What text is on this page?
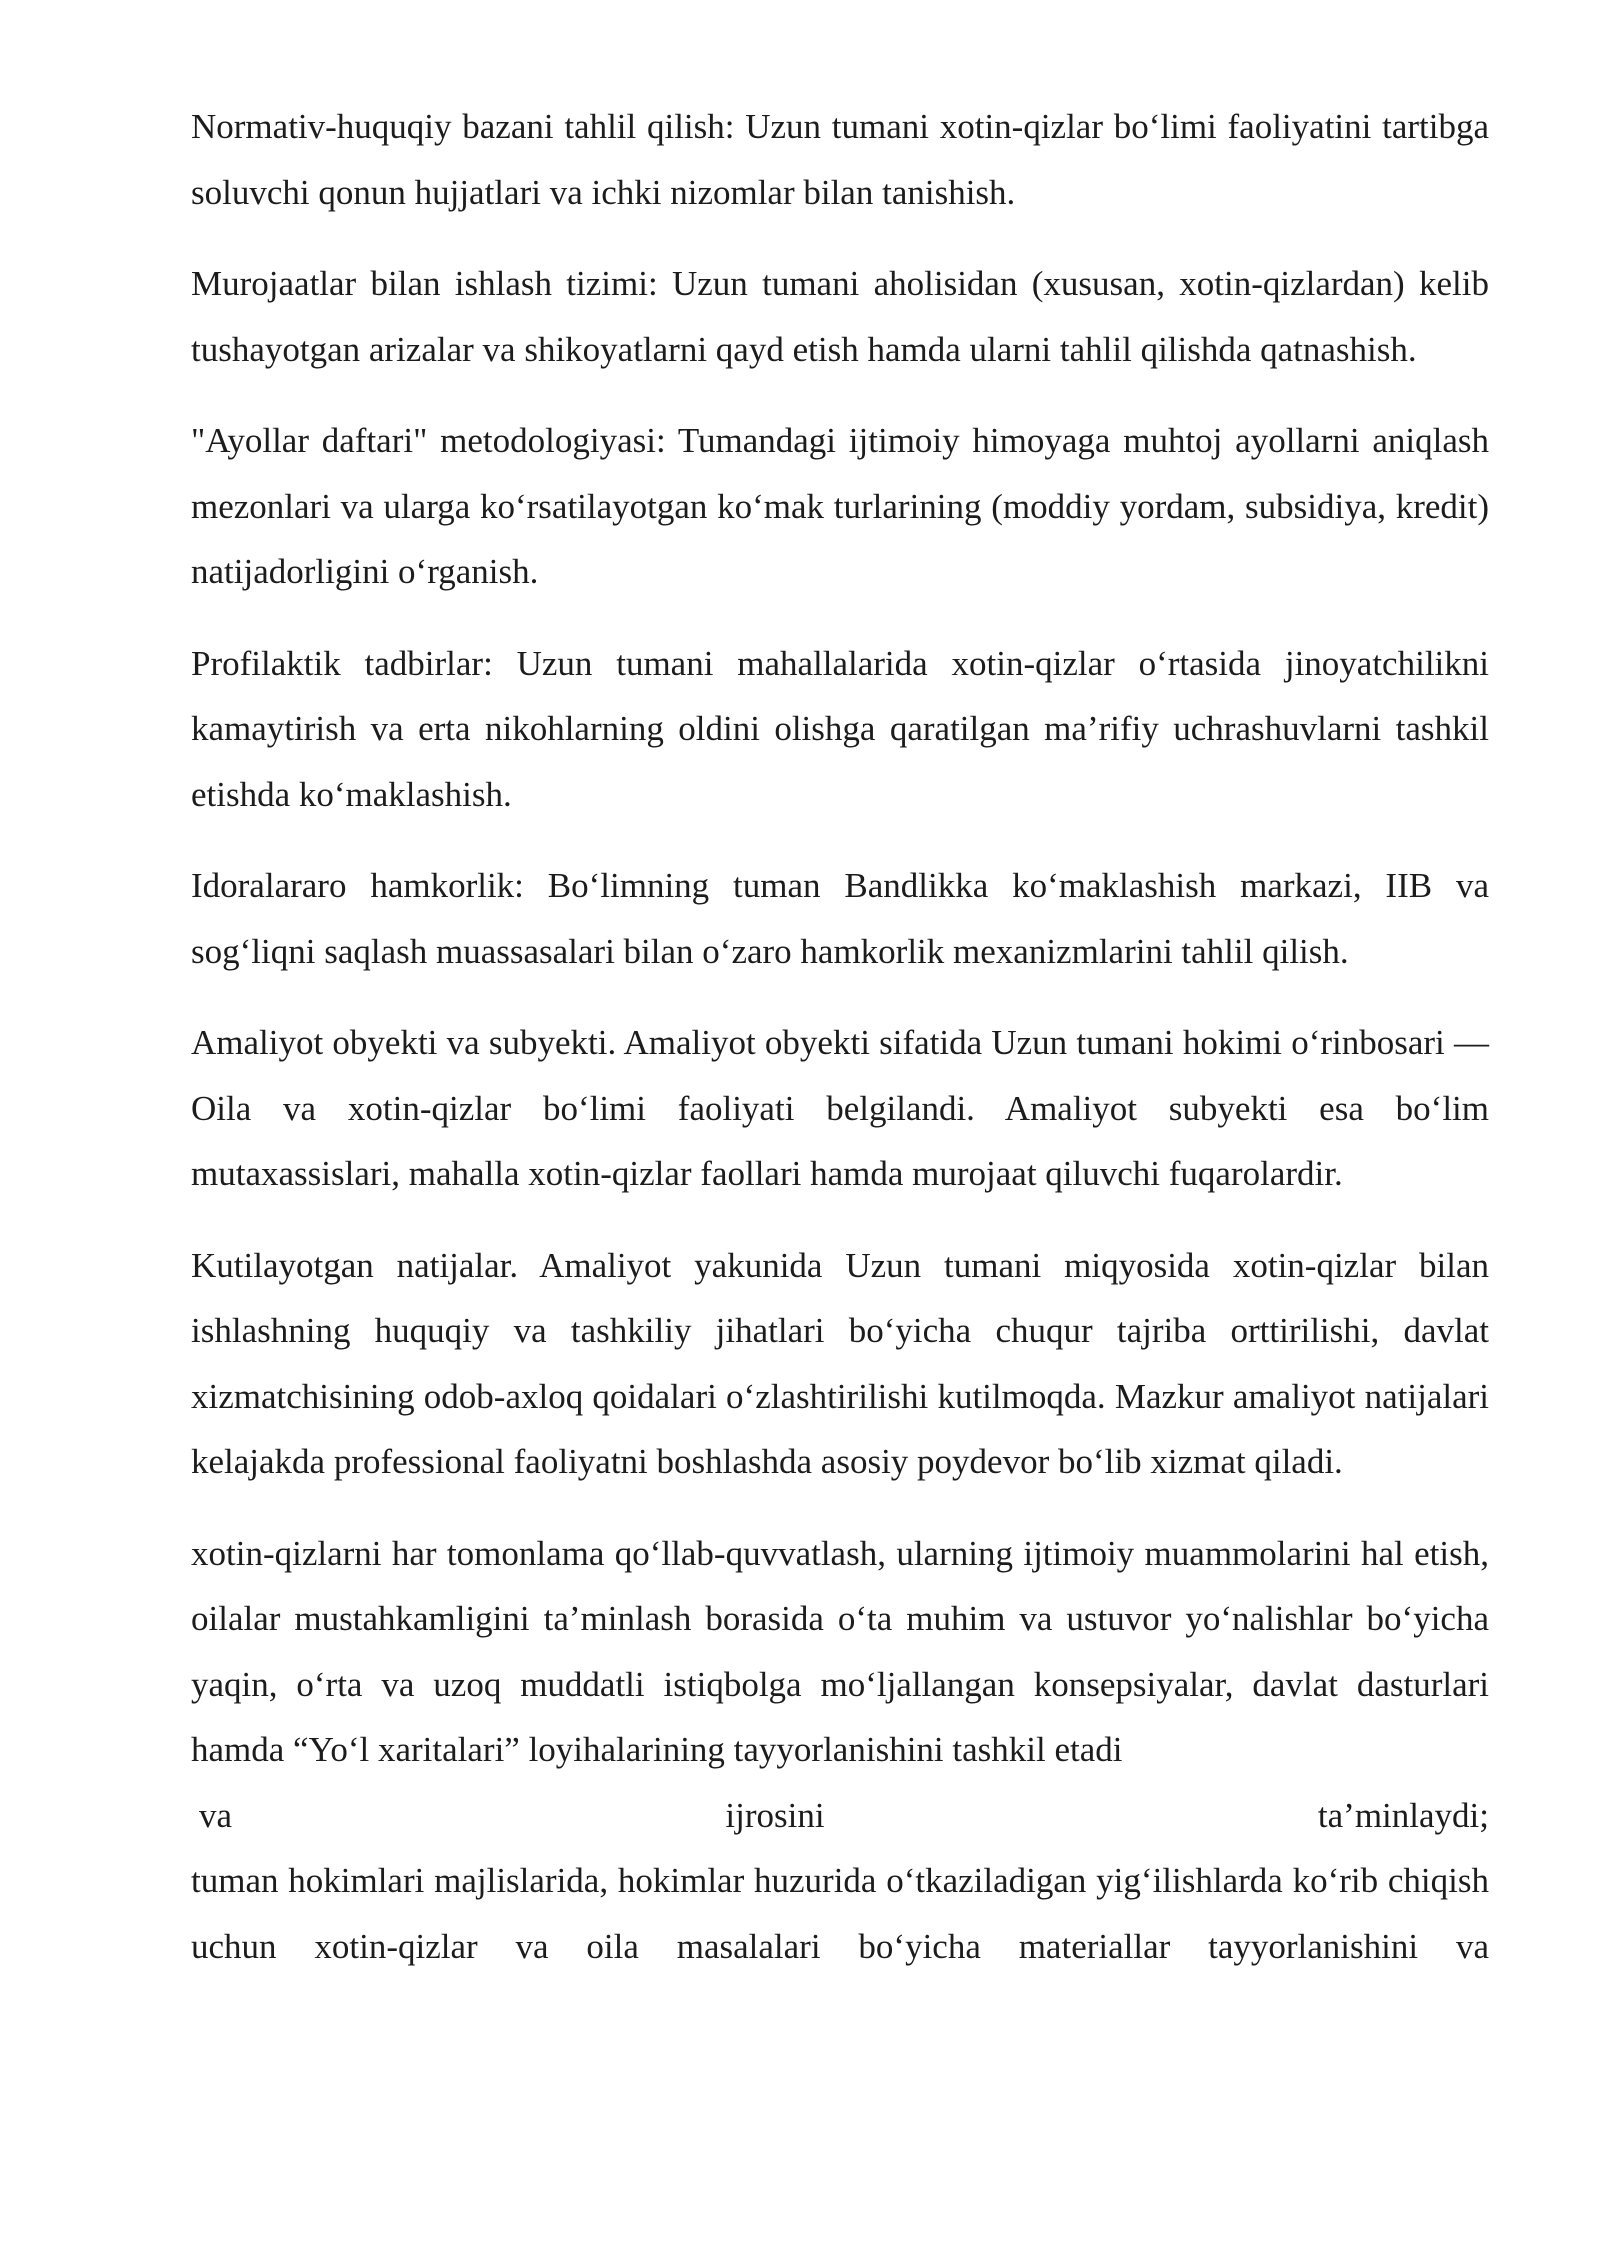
Normativ-huquqiy bazani tahlil qilish: Uzun tumani xotin-qizlar bo‘limi faoliyatini tartibga soluvchi qonun hujjatlari va ichki nizomlar bilan tanishish.

Murojaatlar bilan ishlash tizimi: Uzun tumani aholisidan (xususan, xotin-qizlardan) kelib tushayotgan arizalar va shikoyatlarni qayd etish hamda ularni tahlil qilishda qatnashish.

"Ayollar daftari" metodologiyasi: Tumandagi ijtimoiy himoyaga muhtoj ayollarni aniqlash mezonlari va ularga ko‘rsatilayotgan ko‘mak turlarining (moddiy yordam, subsidiya, kredit) natijadorligini o‘rganish.

Profilaktik tadbirlar: Uzun tumani mahallalarida xotin-qizlar o‘rtasida jinoyatchilikni kamaytirish va erta nikohlarning oldini olishga qaratilgan ma’rifiy uchrashuvlarni tashkil etishda ko‘maklashish.

Idoralararo hamkorlik: Bo‘limning tuman Bandlikka ko‘maklashish markazi, IIB va sog‘liqni saqlash muassasalari bilan o‘zaro hamkorlik mexanizmlarini tahlil qilish.

Amaliyot obyekti va subyekti. Amaliyot obyekti sifatida Uzun tumani hokimi o‘rinbosari — Oila va xotin-qizlar bo‘limi faoliyati belgilandi. Amaliyot subyekti esa bo‘lim mutaxassislari, mahalla xotin-qizlar faollari hamda murojaat qiluvchi fuqarolardir.

Kutilayotgan natijalar. Amaliyot yakunida Uzun tumani miqyosida xotin-qizlar bilan ishlashning huquqiy va tashkiliy jihatlari bo‘yicha chuqur tajriba orttirilishi, davlat xizmatchisining odob-axloq qoidalari o‘zlashtirilishi kutilmoqda. Mazkur amaliyot natijalari kelajakda professional faoliyatni boshlashda asosiy poydevor bo‘lib xizmat qiladi.

xotin-qizlarni har tomonlama qo‘llab-quvvatlash, ularning ijtimoiy muammolarini hal etish, oilalar mustahkamligini ta’minlash borasida o‘ta muhim va ustuvor yo‘nalishlar bo‘yicha yaqin, o‘rta va uzoq muddatli istiqbolga mo‘ljallangan konsepsiyalar, davlat dasturlari hamda “Yo‘l xaritalari” loyihalarining tayyorlanishini tashkil etadi

va	ijrosini	ta’minlaydi;

tuman hokimlari majlislarida, hokimlar huzurida o‘tkaziladigan yig‘ilishlarda ko‘rib chiqish uchun xotin-qizlar va oila masalalari bo‘yicha materiallar tayyorlanishini va
